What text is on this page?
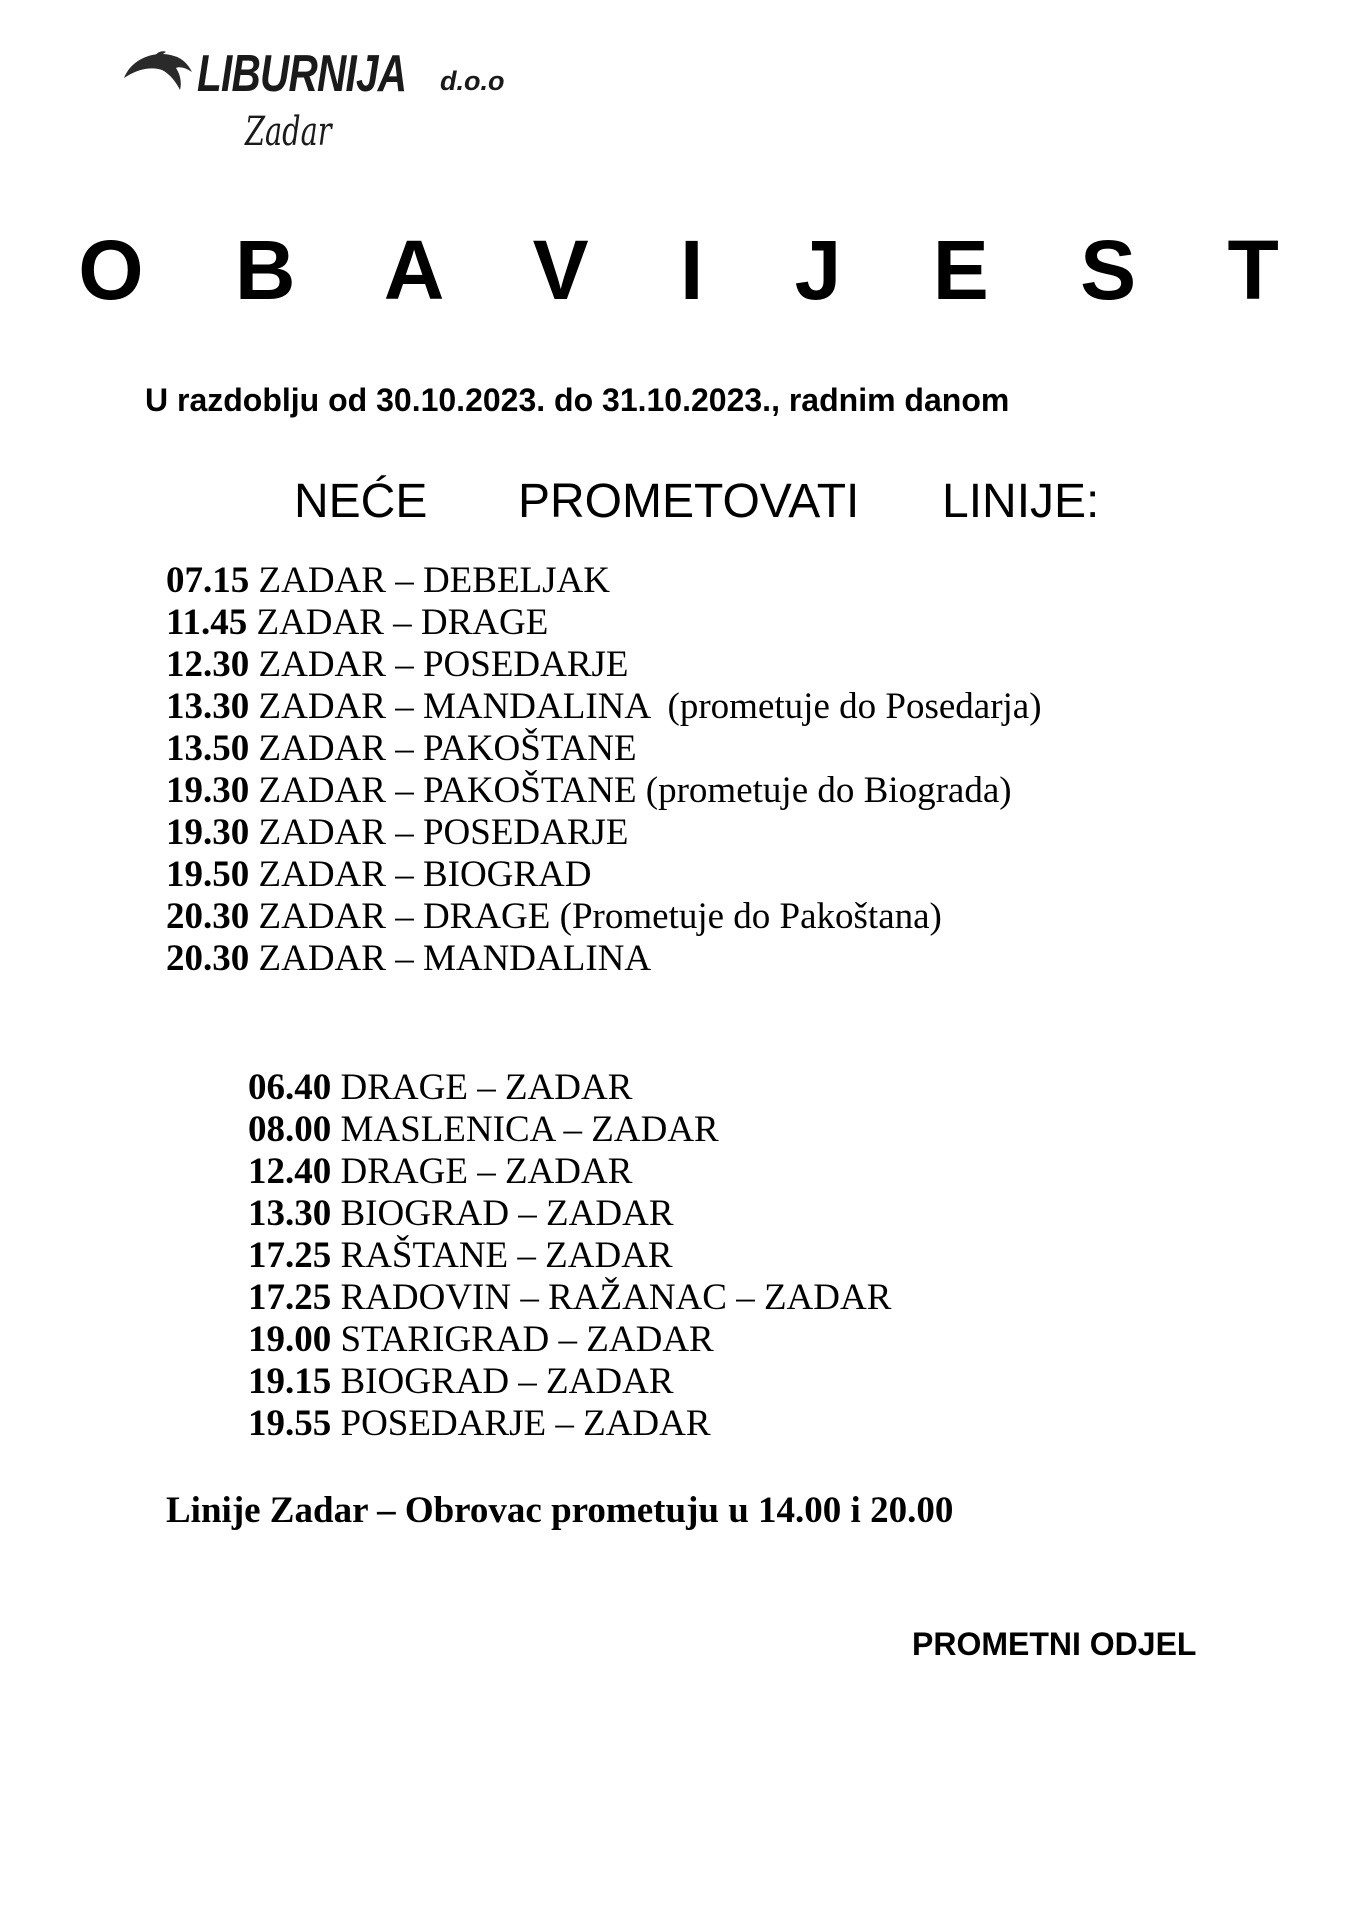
LIBURNIJA
Zadar
d.o.o
O B A V I J E S T
U razdoblju od 30.10.2023. do 31.10.2023., radnim danom
NEĆE PROMETOVATI LINIJE:
07.15 ZADAR – DEBELJAK
11.45 ZADAR – DRAGE
12.30 ZADAR – POSEDARJE
13.30 ZADAR – MANDALINA  (prometuje do Posedarja)
13.50 ZADAR – PAKOŠTANE
19.30 ZADAR – PAKOŠTANE (prometuje do Biograda)
19.30 ZADAR – POSEDARJE
19.50 ZADAR – BIOGRAD
20.30 ZADAR – DRAGE (Prometuje do Pakoštana)
20.30 ZADAR – MANDALINA
06.40 DRAGE – ZADAR
08.00 MASLENICA – ZADAR
12.40 DRAGE – ZADAR
13.30 BIOGRAD – ZADAR
17.25 RAŠTANE – ZADAR
17.25 RADOVIN – RAŽANAC – ZADAR
19.00 STARIGRAD – ZADAR
19.15 BIOGRAD – ZADAR
19.55 POSEDARJE – ZADAR
Linije Zadar – Obrovac prometuju u 14.00 i 20.00
PROMETNI ODJEL
